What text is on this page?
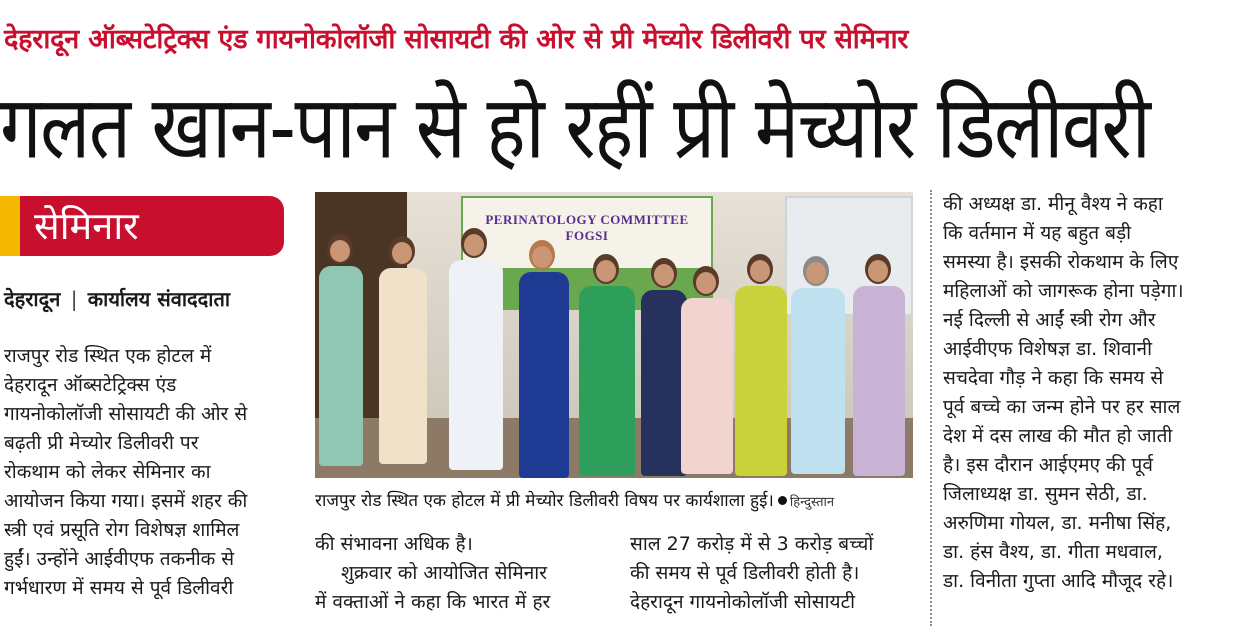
देहरादून ऑब्सटेट्रिक्स एंड गायनोकोलॉजी सोसायटी की ओर से प्री मेच्योर डिलीवरी पर सेमिनार
गलत खान-पान से हो रहीं प्री मेच्योर डिलीवरी
सेमिनार
देहरादून | कार्यालय संवाददाता
राजपुर रोड स्थित एक होटल में
देहरादून ऑब्सटेट्रिक्स एंड
गायनोकोलॉजी सोसायटी की ओर से
बढ़ती प्री मेच्योर डिलीवरी पर
रोकथाम को लेकर सेमिनार का
आयोजन किया गया। इसमें शहर की
स्त्री एवं प्रसूति रोग विशेषज्ञ शामिल
हुईं। उन्होंने आईवीएफ तकनीक से
गर्भधारण में समय से पूर्व डिलीवरी
PERINATOLOGY COMMITTEE FOGSI
राजपुर रोड स्थित एक होटल में प्री मेच्योर डिलीवरी विषय पर कार्यशाला हुई। हिन्दुस्तान
की संभावना अधिक है।
शुक्रवार को आयोजित सेमिनार
में वक्ताओं ने कहा कि भारत में हर
साल 27 करोड़ में से 3 करोड़ बच्चों
की समय से पूर्व डिलीवरी होती है।
देहरादून गायनोकोलॉजी सोसायटी
की अध्यक्ष डा. मीनू वैश्य ने कहा
कि वर्तमान में यह बहुत बड़ी
समस्या है। इसकी रोकथाम के लिए
महिलाओं को जागरूक होना पड़ेगा।
नई दिल्ली से आईं स्त्री रोग और
आईवीएफ विशेषज्ञ डा. शिवानी
सचदेवा गौड़ ने कहा कि समय से
पूर्व बच्चे का जन्म होने पर हर साल
देश में दस लाख की मौत हो जाती
है। इस दौरान आईएमए की पूर्व
जिलाध्यक्ष डा. सुमन सेठी, डा.
अरुणिमा गोयल, डा. मनीषा सिंह,
डा. हंस वैश्य, डा. गीता मधवाल,
डा. विनीता गुप्ता आदि मौजूद रहे।
